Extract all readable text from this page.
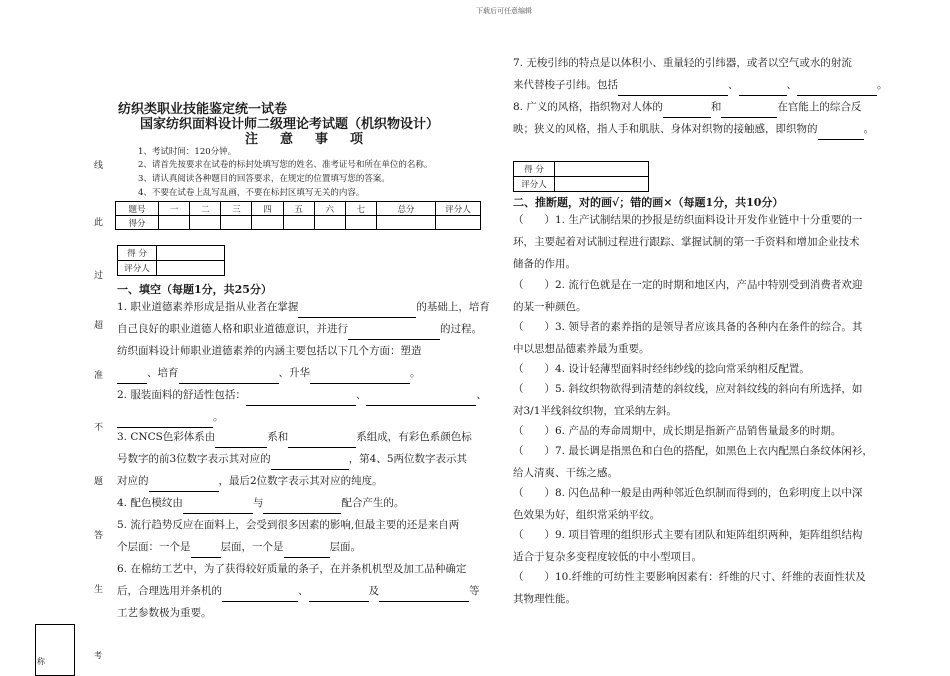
下载后可任意编辑
纺织类职业技能鉴定统一试卷
国家纺织面料设计师二级理论考试题（机织物设计）
注意事项
1、考试时间：120分钟。
2、请首先按要求在试卷的标封处填写您的姓名、准考证号和所在单位的名称。
3、请认真阅读各种题目的回答要求，在规定的位置填写您的答案。
4、不要在试卷上乱写乱画，不要在标封区填写无关的内容。
线
此
过
超
准
不
题
答
生
考
称
题号	一	二	三	四	五	六	七	总分	评分人
得分									
得 分	
评分人	
一、填空（每题1分，共25分）
1. 职业道德素养形成是指从业者在掌握	的基础上，培育
自己良好的职业道德人格和职业道德意识，并进行	的过程。
纺织面料设计师职业道德素养的内涵主要包括以下几个方面：塑造
、培育	、升华	。
2. 服装面料的舒适性包括：	、	、
。
3. CNCS色彩体系由	系和	系组成，有彩色系颜色标
号数字的前3位数字表示其对应的	，第4、5两位数字表示其
对应的	，最后2位数字表示其对应的纯度。
4. 配色模纹由	与	配合产生的。
5. 流行趋势反应在面料上，会受到很多因素的影响,但最主要的还是来自两
个层面：一个是	层面，一个是	层面。
6. 在棉纺工艺中，为了获得较好质量的条子，在并条机机型及加工品种确定
后，合理选用并条机的	、	及	等
工艺参数极为重要。
7. 无梭引纬的特点是以体积小、重量轻的引纬器，或者以空气或水的射流
来代替梭子引纬。包括	、	、	。
8. 广义的风格，指织物对人体的	和	在官能上的综合反
映；狭义的风格，指人手和肌肤、身体对织物的接触感，即织物的	。
得 分	
评分人	
二、推断题，对的画√；错的画×（每题1分，共10分）
（　　）1. 生产试制结果的抄报是纺织面料设计开发作业链中十分重要的一
环，主要起着对试制过程进行跟踪、掌握试制的第一手资料和增加企业技术
储备的作用。
（　　）2. 流行色就是在一定的时期和地区内，产品中特别受到消费者欢迎
的某一种颜色。
（　　）3. 领导者的素养指的是领导者应该具备的各种内在条件的综合。其
中以思想品德素养最为重要。
（　　）4. 设计轻薄型面料时经纬纱线的捻向常采纳相反配置。
（　　）5. 斜纹织物欲得到清楚的斜纹线，应对斜纹线的斜向有所选择，如
对3/1半线斜纹织物，宜采纳左斜。
（　　）6. 产品的寿命周期中，成长期是指新产品销售量最多的时期。
（　　）7. 最长调是指黑色和白色的搭配，如黑色上衣内配黑白条纹体闲衫，
给人清爽、干练之感。
（　　）8. 闪色品种一般是由两种邻近色织制而得到的，色彩明度上以中深
色效果为好，组织常采纳平纹。
（　　）9. 项目管理的组织形式主要有团队和矩阵组织两种，矩阵组织结构
适合于复杂多变程度较低的中小型项目。
（　　）10.纤维的可纺性主要影响因素有：纤维的尺寸、纤维的表面性状及
其物理性能。
